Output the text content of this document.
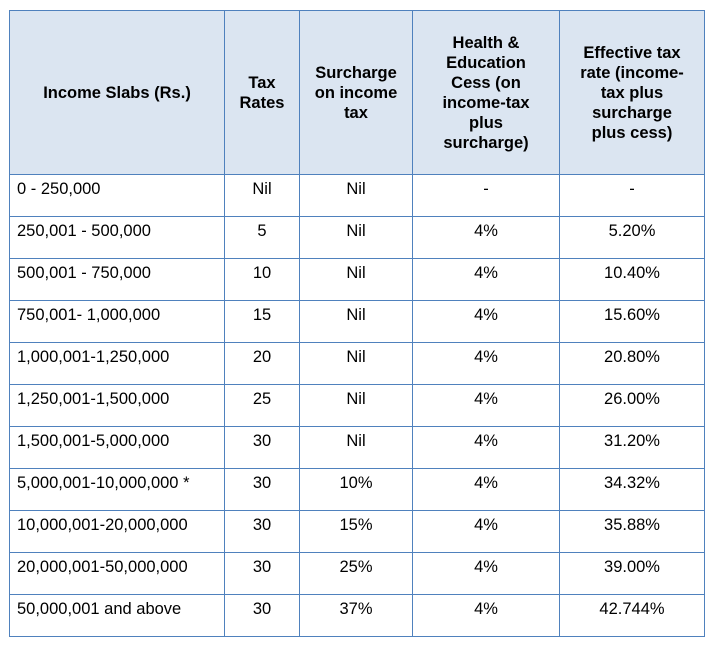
Income Slabs (Rs.)	Tax Rates	Surcharge on income tax	Health & Education Cess (on income-tax plus surcharge)	Effective tax rate (income-tax plus surcharge plus cess)

0 - 250,000	Nil	Nil	-	-
250,001 - 500,000	5	Nil	4%	5.20%
500,001 - 750,000	10	Nil	4%	10.40%
750,001- 1,000,000	15	Nil	4%	15.60%
1,000,001-1,250,000	20	Nil	4%	20.80%
1,250,001-1,500,000	25	Nil	4%	26.00%
1,500,001-5,000,000	30	Nil	4%	31.20%
5,000,001-10,000,000 *	30	10%	4%	34.32%
10,000,001-20,000,000	30	15%	4%	35.88%
20,000,001-50,000,000	30	25%	4%	39.00%
50,000,001 and above	30	37%	4%	42.744%
